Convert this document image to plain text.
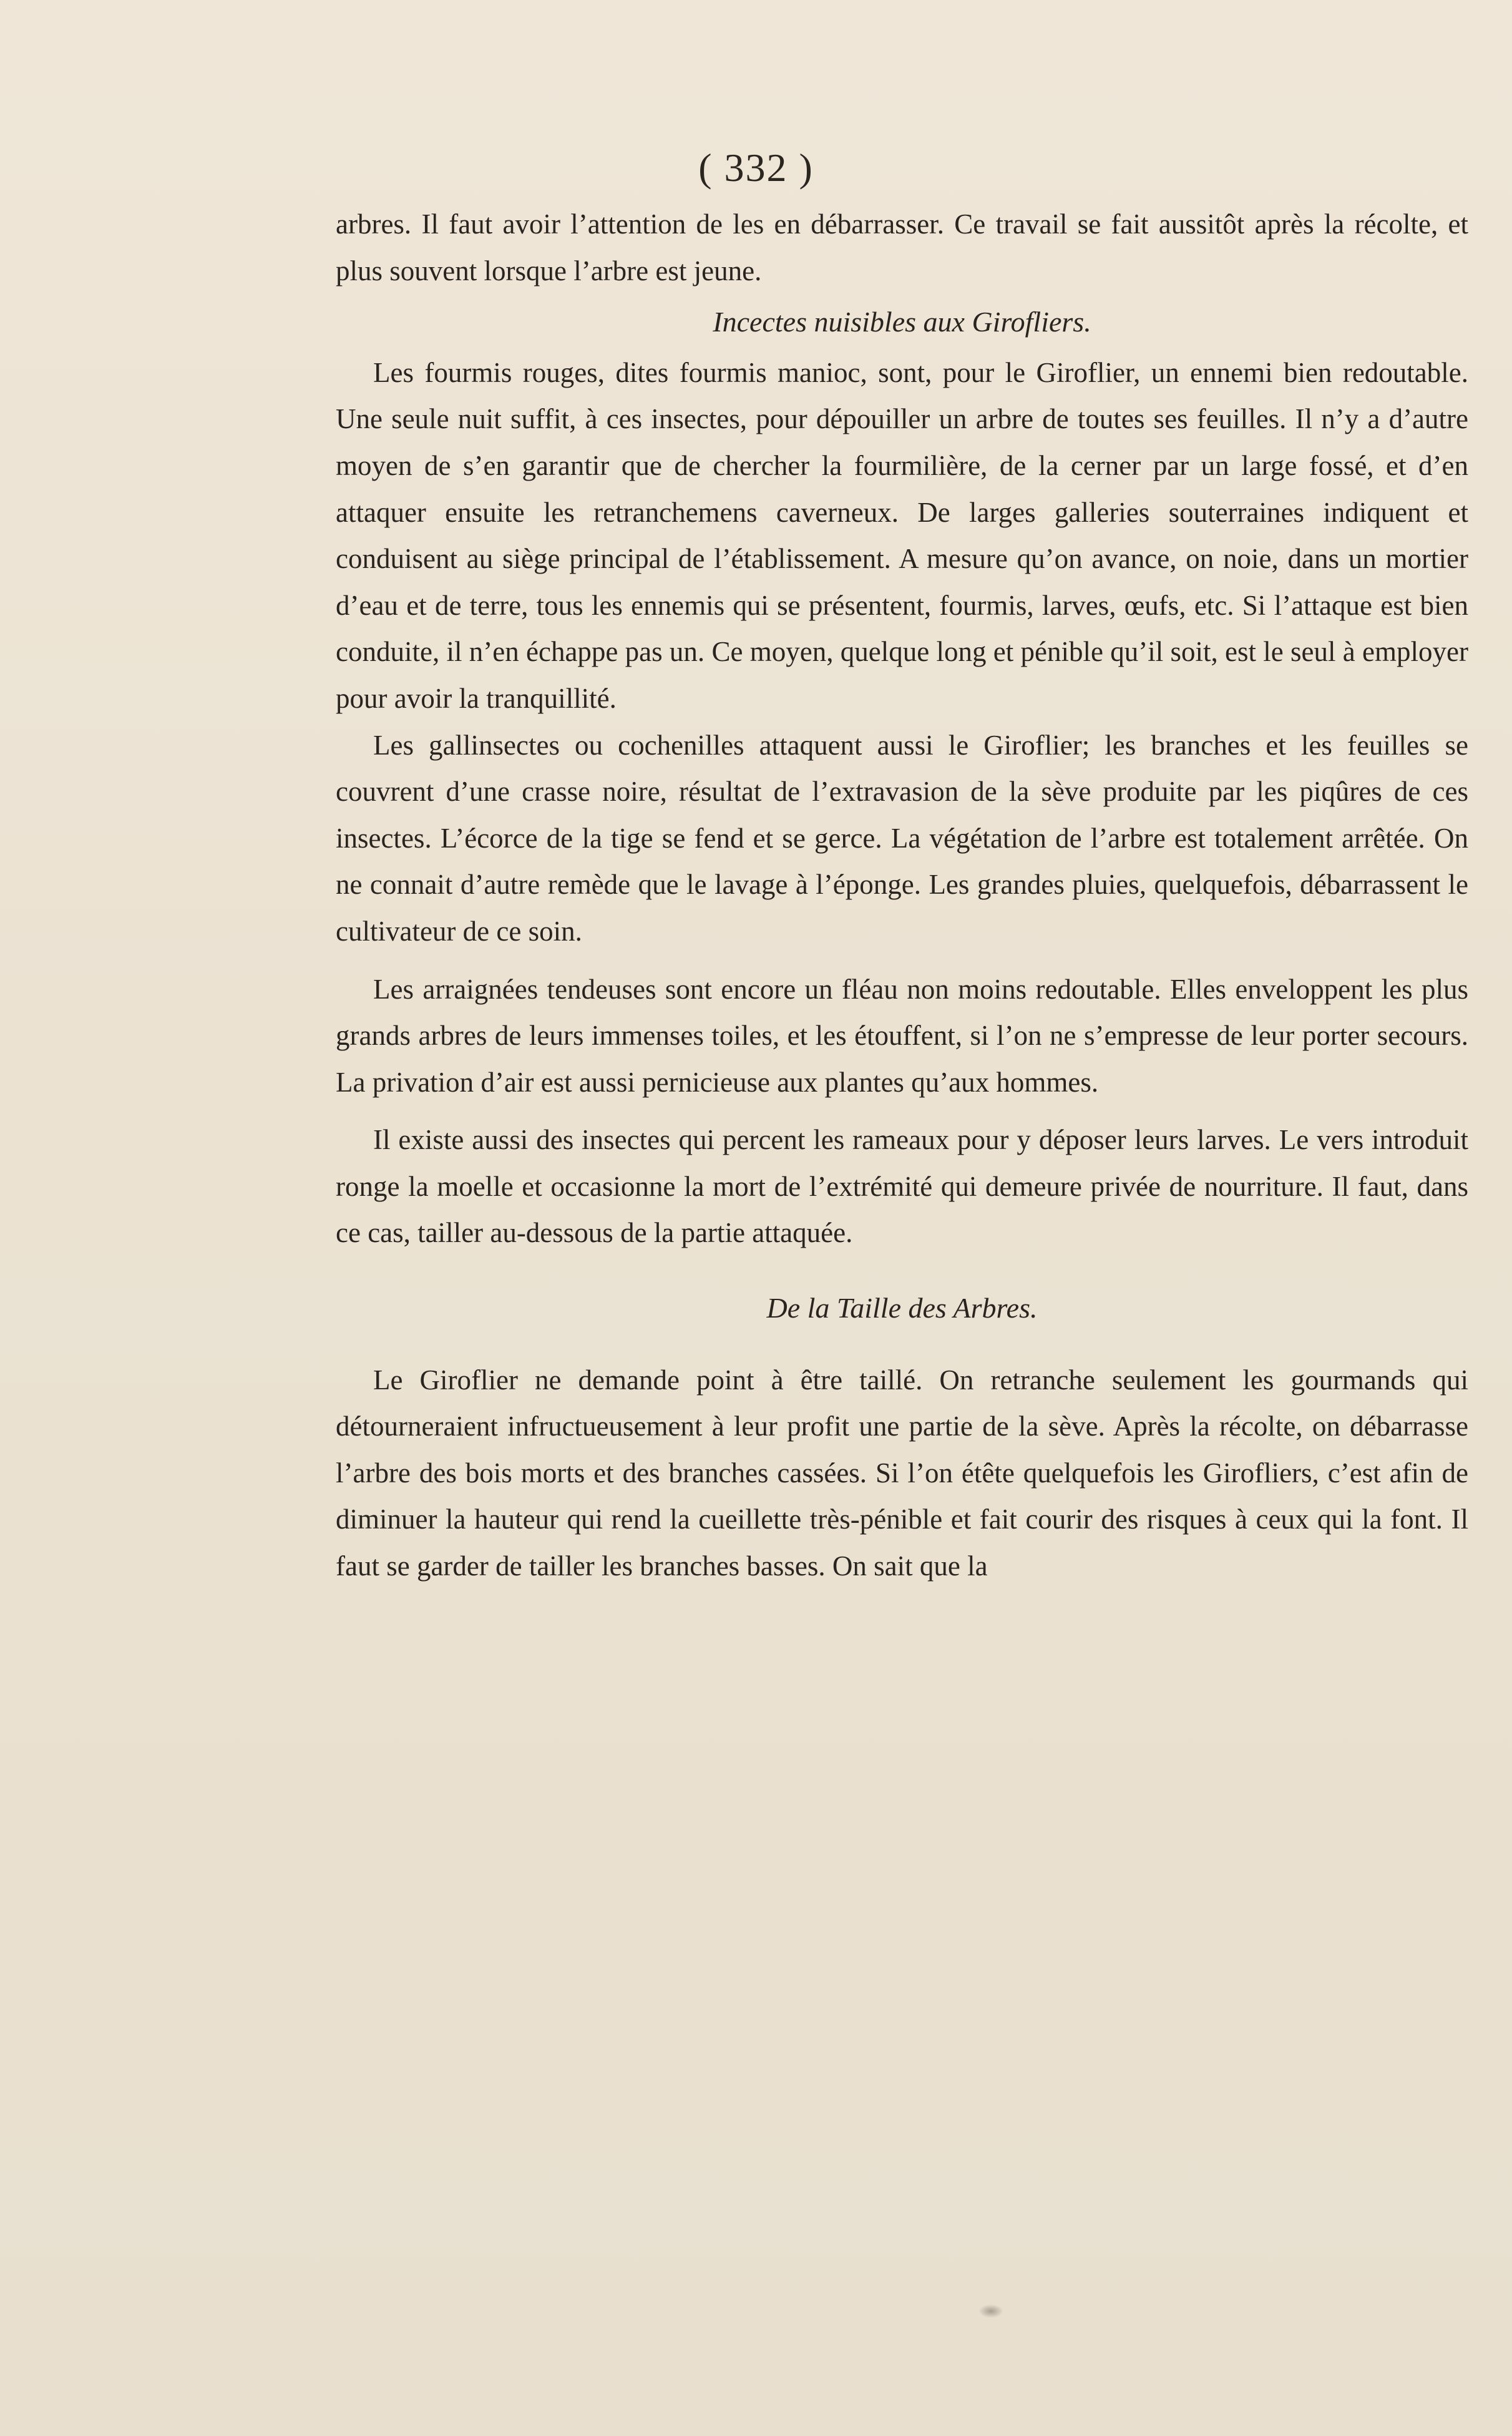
( 332 )

arbres. Il faut avoir l’attention de les en débarrasser. Ce travail se fait aussitôt après la récolte, et plus souvent lorsque l’arbre est jeune.

Incectes nuisibles aux Girofliers.

Les fourmis rouges, dites fourmis manioc, sont, pour le Giroflier, un ennemi bien redoutable. Une seule nuit suffit, à ces insectes, pour dépouiller un arbre de toutes ses feuilles. Il n’y a d’autre moyen de s’en garantir que de chercher la fourmilière, de la cerner par un large fossé, et d’en attaquer ensuite les retranchemens caverneux. De larges galleries souterraines indiquent et conduisent au siège principal de l’établissement. A mesure qu’on avance, on noie, dans un mortier d’eau et de terre, tous les ennemis qui se présentent, fourmis, larves, œufs, etc. Si l’attaque est bien conduite, il n’en échappe pas un. Ce moyen, quelque long et pénible qu’il soit, est le seul à employer pour avoir la tranquillité.

Les gallinsectes ou cochenilles attaquent aussi le Giroflier; les branches et les feuilles se couvrent d’une crasse noire, résultat de l’extravasion de la sève produite par les piqûres de ces insectes. L’écorce de la tige se fend et se gerce. La végétation de l’arbre est totalement arrêtée. On ne connait d’autre remède que le lavage à l’éponge. Les grandes pluies, quelquefois, débarrassent le cultivateur de ce soin.

Les arraignées tendeuses sont encore un fléau non moins redoutable. Elles enveloppent les plus grands arbres de leurs immenses toiles, et les étouffent, si l’on ne s’empresse de leur porter secours. La privation d’air est aussi pernicieuse aux plantes qu’aux hommes.

Il existe aussi des insectes qui percent les rameaux pour y déposer leurs larves. Le vers introduit ronge la moelle et occasionne la mort de l’extrémité qui demeure privée de nourriture. Il faut, dans ce cas, tailler au-dessous de la partie attaquée.

De la Taille des Arbres.

Le Giroflier ne demande point à être taillé. On retranche seulement les gourmands qui détourneraient infructueusement à leur profit une partie de la sève. Après la récolte, on débarrasse l’arbre des bois morts et des branches cassées. Si l’on étête quelquefois les Girofliers, c’est afin de diminuer la hauteur qui rend la cueillette très-pénible et fait courir des risques à ceux qui la font. Il faut se garder de tailler les branches basses. On sait que la
